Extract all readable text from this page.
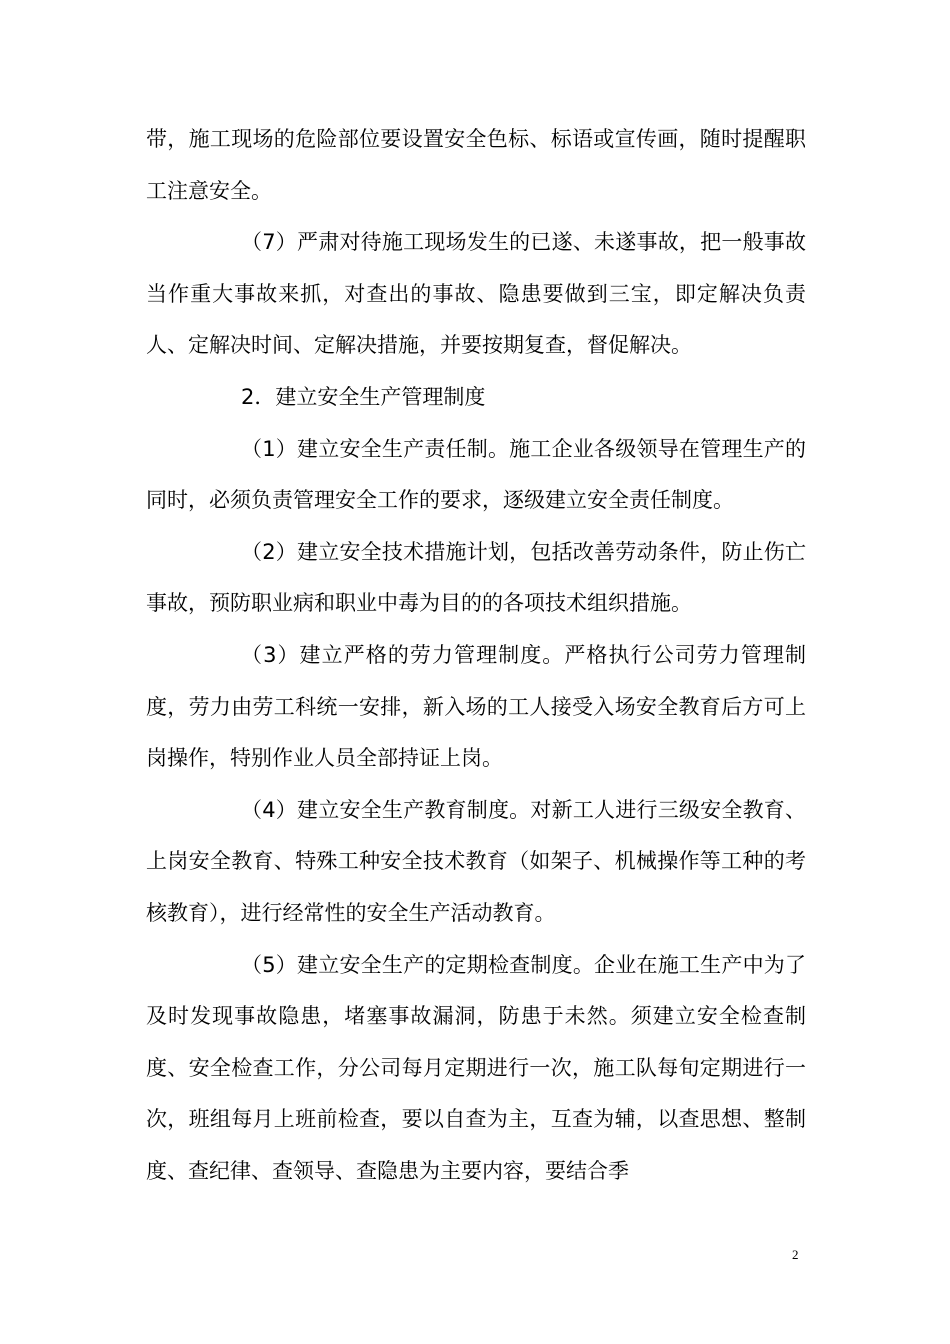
带，施工现场的危险部位要设置安全色标、标语或宣传画，随时提醒职工注意安全。

（7）严肃对待施工现场发生的已遂、未遂事故，把一般事故当作重大事故来抓，对查出的事故、隐患要做到三宝，即定解决负责人、定解决时间、定解决措施，并要按期复查，督促解决。

2．建立安全生产管理制度

（1）建立安全生产责任制。施工企业各级领导在管理生产的同时，必须负责管理安全工作的要求，逐级建立安全责任制度。

（2）建立安全技术措施计划，包括改善劳动条件，防止伤亡事故，预防职业病和职业中毒为目的的各项技术组织措施。

（3）建立严格的劳力管理制度。严格执行公司劳力管理制度，劳力由劳工科统一安排，新入场的工人接受入场安全教育后方可上岗操作，特别作业人员全部持证上岗。

（4）建立安全生产教育制度。对新工人进行三级安全教育、上岗安全教育、特殊工种安全技术教育（如架子、机械操作等工种的考核教育），进行经常性的安全生产活动教育。

（5）建立安全生产的定期检查制度。企业在施工生产中为了及时发现事故隐患，堵塞事故漏洞，防患于未然。须建立安全检查制度、安全检查工作，分公司每月定期进行一次，施工队每旬定期进行一次，班组每月上班前检查，要以自查为主，互查为辅，以查思想、整制度、查纪律、查领导、查隐患为主要内容，要结合季

2
